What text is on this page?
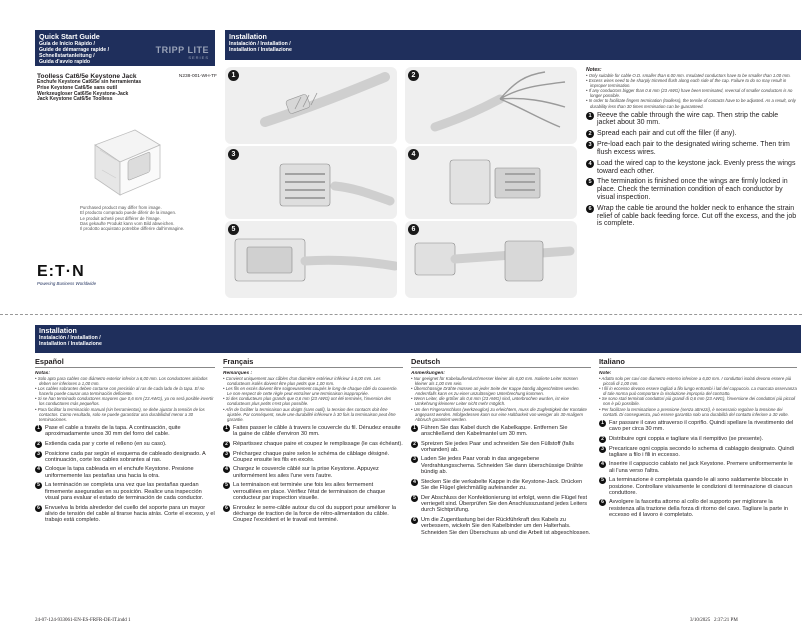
Quick Start Guide
Guía de Inicio Rápido /
Guide de démarrage rapide /
Schnellstartanleitung /
Guida d'avvio rapido
TRIPP LITE
SERIES
Toolless Cat6/5e Keystone Jack	N238-001-WH-TF
Enchufe Keystone Cat6/5e sin herramientas
Prise Keystone Cat6/5e sans outil
Werkzeugloser Cat6/5e Keystone-Jack
Jack Keystone Cat6/5e Toolless
Purchased product may differ from image.
El producto comprado puede diferir de la imagen.
Le produit acheté peut différer de l'image.
Das gekaufte Produkt kann vom Bild abweichen.
Il prodotto acquistato potrebbe differire dall'immagine.
E:T·N
Powering Business Worldwide
Installation
Instalación / Installation /
Installation / Installazione
1	2
3	4
5	6
Notes:
• Only suitable for cable O.D. smaller than 6.00 mm. Insulated conductors have to be smaller than 1.00 mm.
• Excess wires need to be sharply trimmed flush along each side of the cap. Failure to do so may result in improper termination.
• If any conductors bigger than 0.6 mm (23 AWG) have been terminated, reversal of smaller conductors is no longer possible.
• In order to facilitate fingers termination (toolless), the tensile of contacts have to be adjusted. As a result, only durability less than 30 times termination can be guaranteed.
1 Reeve the cable through the wire cap. Then strip the cable jacket about 30 mm.
2 Spread each pair and cut off the filler (if any).
3 Pre-load each pair to the designated wiring scheme. Then trim flush excess wires.
4 Load the wired cap to the keystone jack. Evenly press the wings toward each other.
5 The termination is finished once the wings are firmly locked in place. Check the termination condition of each conductor by visual inspection.
6 Wrap the cable tie around the holder neck to enhance the strain relief of cable back feeding force. Cut off the excess, and the job is complete.
Installation
Instalación / Installation /
Installation / Installazione
Español
Notas:
• Solo apto para cables con diámetro exterior inferior a 6,00 mm. Los conductores aislados deben ser inferiores a 1,00 mm.
• Los cables sobrantes deben cortarse con precisión al ras de cada lado de la tapa. El no hacerlo puede causar una terminación deficiente.
• Si se han terminado conductores mayores que 0,6 mm (23 AWG), ya no será posible invertir los conductores más pequeños.
• Para facilitar la terminación manual (sin herramientas), se debe ajustar la tensión de los contactos. Como resultado, solo se puede garantizar una durabilidad menor a 30 terminaciones.
1 Pase el cable a través de la tapa. A continuación, quite aproximadamente unos 30 mm del forro del cable.
2 Extienda cada par y corte el relleno (en su caso).
3 Posicione cada par según el esquema de cableado designado. A continuación, corte los cables sobrantes al ras.
4 Coloque la tapa cableada en el enchufe Keystone. Presione uniformemente las pestañas una hacia la otra.
5 La terminación se completa una vez que las pestañas quedan firmemente aseguradas en su posición. Realice una inspección visual para evaluar el estado de terminación de cada conductor.
6 Envuelva la brida alrededor del cuello del soporte para un mayor alivio de tensión del cable al tirarse hacia atrás. Corte el exceso, y el trabajo está completo.
Français
Remarques :
• Convient uniquement aux câbles d'un diamètre extérieur inférieur à 6,00 mm. Les conducteurs isolés doivent être plus petits que 1,00 mm.
• Les fils en excès doivent être soigneusement coupés le long de chaque côté du couvercle. Le non-respect de cette règle peut entraîner une terminaison inappropriée.
• Si des conducteurs plus grands que 0,6 mm (23 AWG) ont été terminés, l'inversion des conducteurs plus petits n'est plus possible.
• Afin de faciliter la terminaison aux doigts (sans outil), la tension des contacts doit être ajustée. Par conséquent, seule une durabilité inférieure à 30 fois la terminaison peut être garantie.
1 Faites passer le câble à travers le couvercle du fil. Dénudez ensuite la gaine de câble d'environ 30 mm.
2 Répartissez chaque paire et coupez le remplissage (le cas échéant).
3 Préchargez chaque paire selon le schéma de câblage désigné. Coupez ensuite les fils en excès.
4 Chargez le couvercle câblé sur la prise Keystone. Appuyez uniformément les ailes l'une vers l'autre.
5 La terminaison est terminée une fois les ailes fermement verrouillées en place. Vérifiez l'état de terminaison de chaque conducteur par inspection visuelle.
6 Enroulez le serre-câble autour du col du support pour améliorer la décharge de traction de la force de rétro-alimentation du câble. Coupez l'excédent et le travail est terminé.
Deutsch
Anmerkungen:
• Nur geeignet für Kabelaußendurchmesser kleiner als 6,00 mm. Isolierte Leiter müssen kleiner als 1,00 mm sein.
• Überschüssige Drähte müssen an jeder Seite der Kappe bündig abgeschnitten werden. Andernfalls kann es zu einer unzulässigen Unterbrechung kommen.
• Wenn Leiter, die größer als 0,6 mm (23 AWG) sind, unterbrochen wurden, ist eine Umkehrung kleinerer Leiter nicht mehr möglich.
• Um den Fingeranschluss (werkzeuglos) zu erleichtern, muss die Zugfestigkeit der Kontakte angepasst werden. Infolgedessen kann nur eine Haltbarkeit von weniger als 30-maligem Abbruch garantiert werden.
1 Führen Sie das Kabel durch die Kabelkappe. Entfernen Sie anschließend den Kabelmantel um 30 mm.
2 Spreizen Sie jedes Paar und schneiden Sie den Füllstoff (falls vorhanden) ab.
3 Laden Sie jedes Paar vorab in das angegebene Verdrahtungsschema. Schneiden Sie dann überschüssige Drähte bündig ab.
4 Stecken Sie die verkabelte Kappe in die Keystone-Jack. Drücken Sie die Flügel gleichmäßig aufeinander zu.
5 Der Abschluss der Konfektionierung ist erfolgt, wenn die Flügel fest verriegelt sind. Überprüfen Sie den Anschlusszustand jedes Leiters durch Sichtprüfung.
6 Um die Zugentlastung bei der Rückführkraft des Kabels zu verbessern, wickeln Sie den Kabelbinder um den Halterhals. Schneiden Sie den Überschuss ab und die Arbeit ist abgeschlossen.
Italiano
Note:
• Adatto solo per cavi con diametro esterno inferiore a 6,00 mm. I conduttori isolati devono essere più piccoli di 1,00 mm.
• I fili in eccesso devono essere tagliati a filo lungo entrambi i lati del cappuccio. La mancata osservanza di tale norma può comportare la risoluzione impropria del contratto.
• Se sono stati terminati conduttori più grandi di 0,6 mm (23 AWG), l'inversione dei conduttori più piccoli non è più possibile.
• Per facilitare la terminazione a pressione (senza attrezzi), è necessario regolare la tensione dei contatti. Di conseguenza, può essere garantita solo una durabilità del contatto inferiore a 30 volte.
1 Far passare il cavo attraverso il copriflo. Quindi spellare la rivestimento del cavo per circa 30 mm.
2 Distribuire ogni coppia e tagliare via il riempitivo (se presente).
3 Precaricare ogni coppia secondo lo schema di cablaggio designato. Quindi tagliare a filo i fili in eccesso.
4 Inserire il cappuccio cablato nel jack Keystone. Premere uniformemente le ali l'una verso l'altra.
5 La terminazione è completata quando le ali sono saldamente bloccate in posizione. Controllare visivamente le condizioni di terminazione di ciascun conduttore.
6 Avvolgere la fascetta attorno al collo del supporto per migliorare la resistenza alla trazione della forza di ritorno del cavo. Tagliare la parte in eccesso ed il lavoro è completato.
24-07-124-933061-EN-ES-FRFR-DE-IT.indd 1	3/10/2025   2:37:21 PM
